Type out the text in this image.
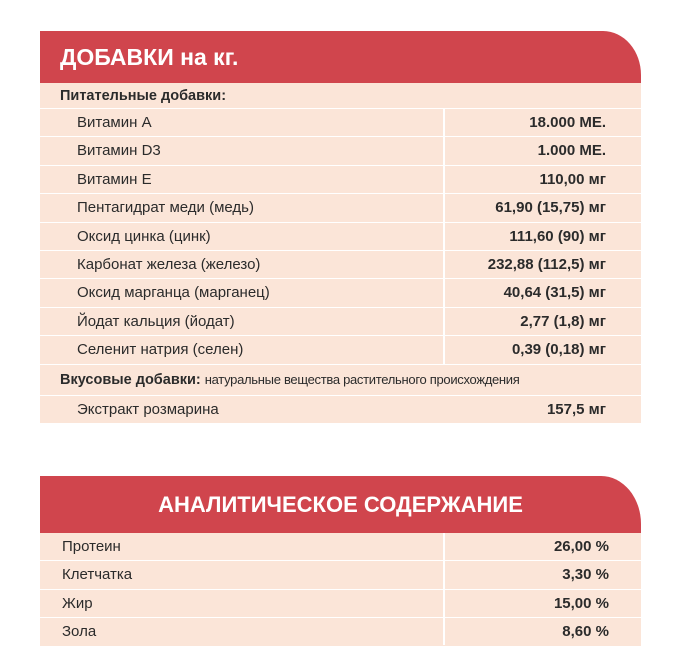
ДОБАВКИ на кг.
Питательные добавки:
Витамин А	18.000 МЕ.
Витамин D3	1.000 МЕ.
Витамин Е	110,00 мг
Пентагидрат меди (медь)	61,90 (15,75) мг
Оксид цинка (цинк)	111,60 (90) мг
Карбонат железа (железо)	232,88 (112,5) мг
Оксид марганца (марганец)	40,64 (31,5) мг
Йодат кальция (йодат)	2,77 (1,8) мг
Селенит натрия (селен)	0,39 (0,18) мг
Вкусовые добавки: натуральные вещества растительного происхождения
Экстракт розмарина	157,5 мг
АНАЛИТИЧЕСКОЕ СОДЕРЖАНИЕ
Протеин	26,00 %
Клетчатка	3,30 %
Жир	15,00 %
Зола	8,60 %
